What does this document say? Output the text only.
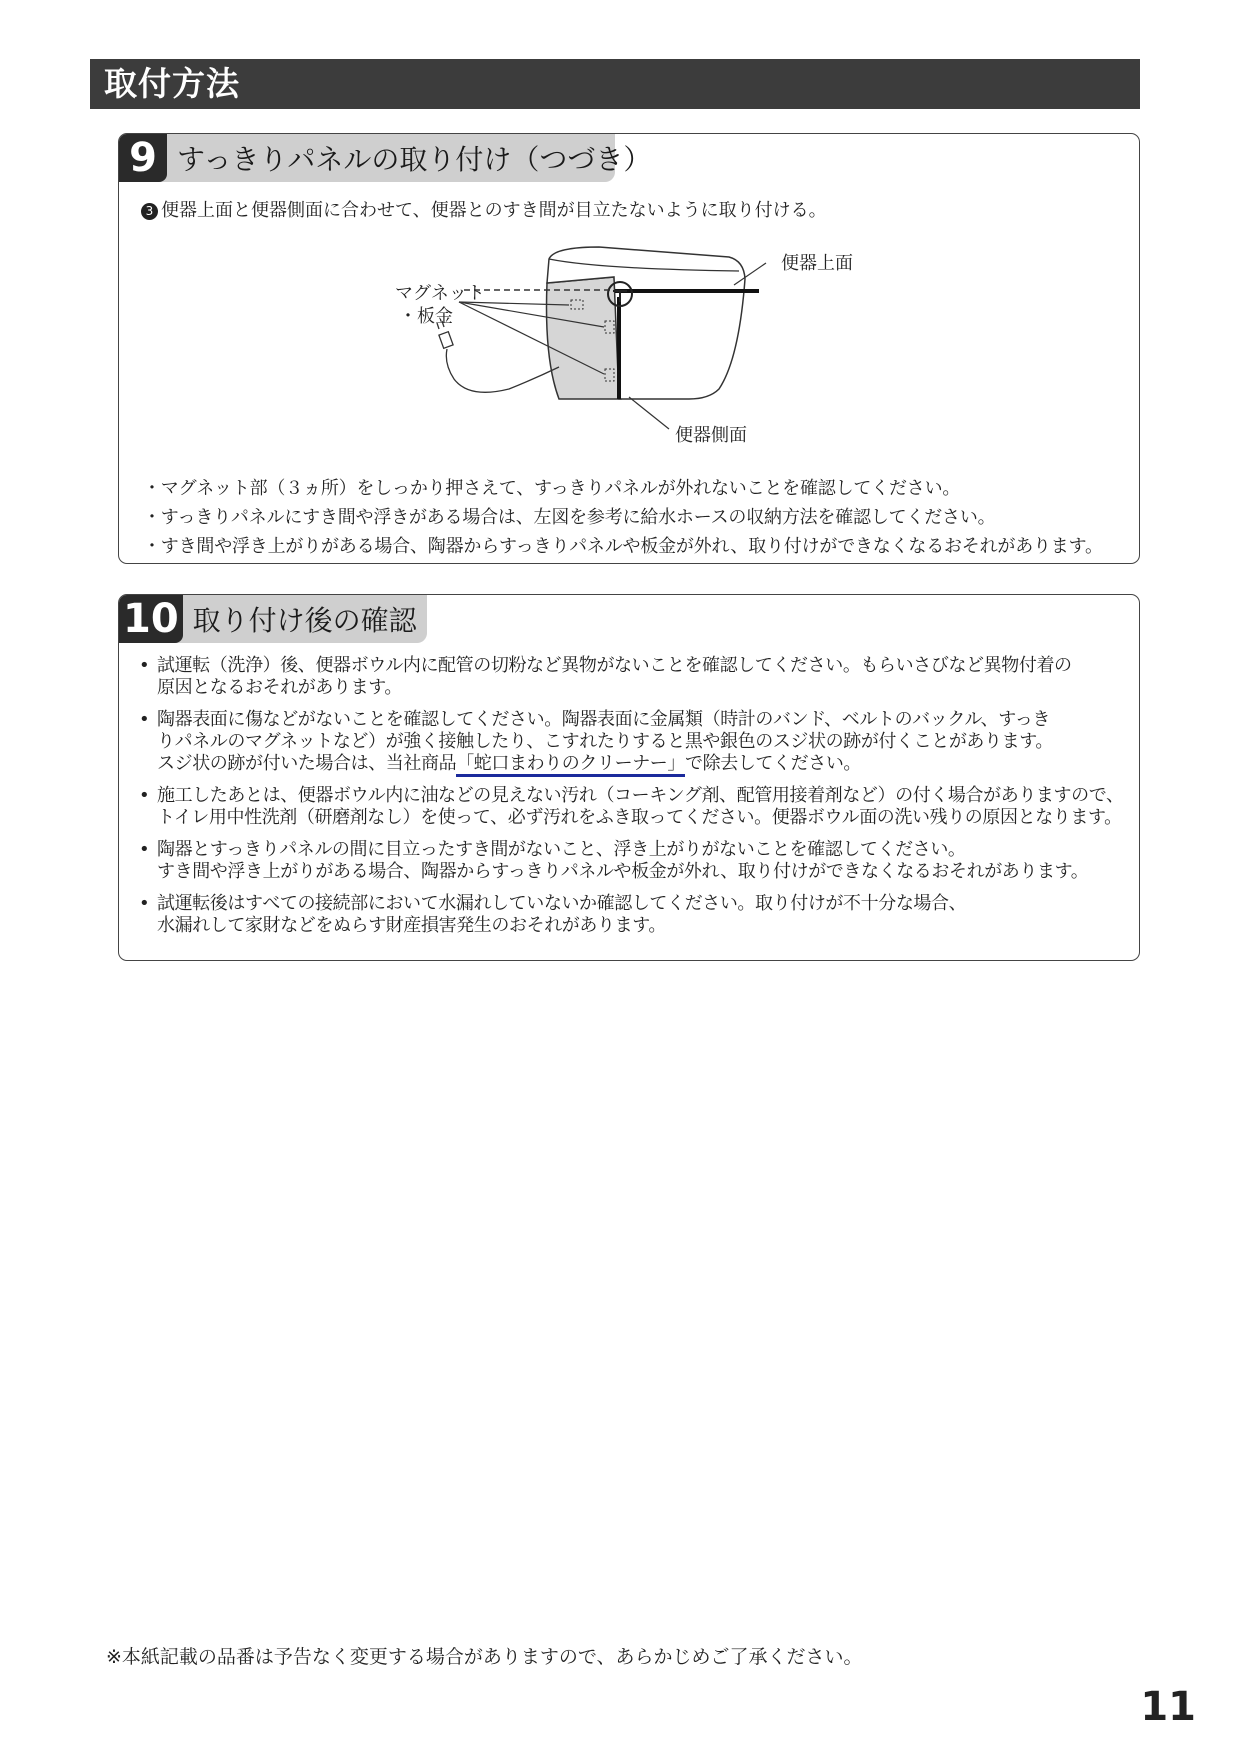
取付方法
9 すっきりパネルの取り付け（つづき）
3 便器上面と便器側面に合わせて、便器とのすき間が目立たないように取り付ける。
便器上面
便器側面
マグネット
・板金
・マグネット部（３ヵ所）をしっかり押さえて、すっきりパネルが外れないことを確認してください。
・すっきりパネルにすき間や浮きがある場合は、左図を参考に給水ホースの収納方法を確認してください。
・すき間や浮き上がりがある場合、陶器からすっきりパネルや板金が外れ、取り付けができなくなるおそれがあります。
10 取り付け後の確認
• 試運転（洗浄）後、便器ボウル内に配管の切粉など異物がないことを確認してください。もらいさびなど異物付着の
原因となるおそれがあります。
• 陶器表面に傷などがないことを確認してください。陶器表面に金属類（時計のバンド、ベルトのバックル、すっき
りパネルのマグネットなど）が強く接触したり、こすれたりすると黒や銀色のスジ状の跡が付くことがあります。
スジ状の跡が付いた場合は、当社商品「蛇口まわりのクリーナー」で除去してください。
• 施工したあとは、便器ボウル内に油などの見えない汚れ（コーキング剤、配管用接着剤など）の付く場合がありますので、
トイレ用中性洗剤（研磨剤なし）を使って、必ず汚れをふき取ってください。便器ボウル面の洗い残りの原因となります。
• 陶器とすっきりパネルの間に目立ったすき間がないこと、浮き上がりがないことを確認してください。
すき間や浮き上がりがある場合、陶器からすっきりパネルや板金が外れ、取り付けができなくなるおそれがあります。
• 試運転後はすべての接続部において水漏れしていないか確認してください。取り付けが不十分な場合、
水漏れして家財などをぬらす財産損害発生のおそれがあります。
※本紙記載の品番は予告なく変更する場合がありますので、あらかじめご了承ください。
11
